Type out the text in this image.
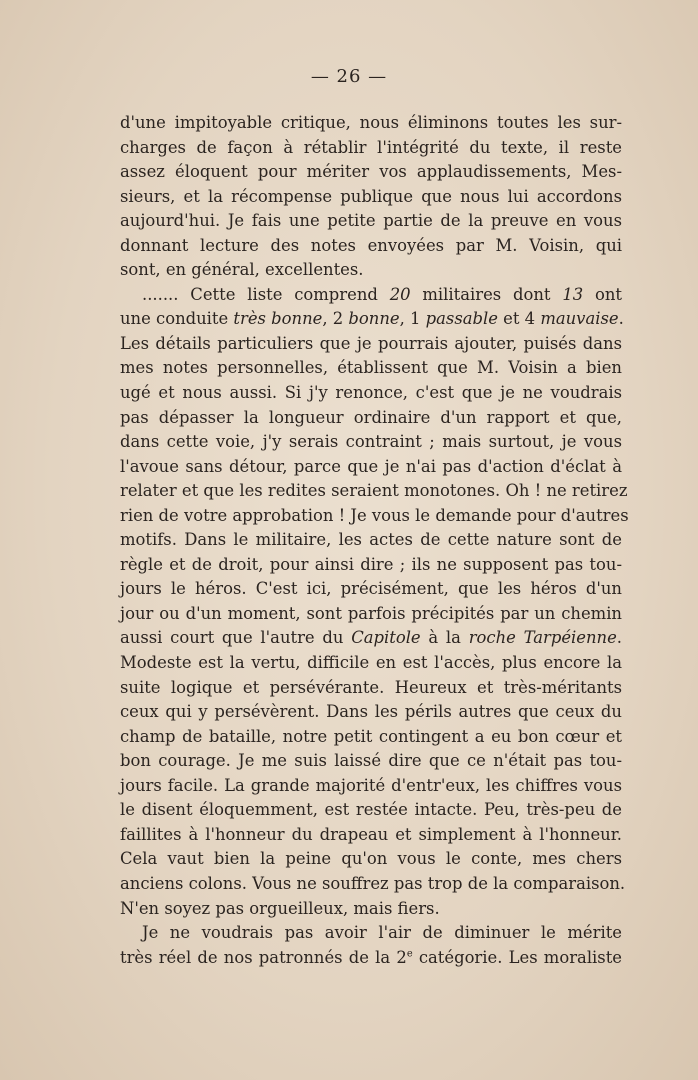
— 26 —
d'une impitoyable critique, nous éliminons toutes les sur-
charges de façon à rétablir l'intégrité du texte, il reste
assez éloquent pour mériter vos applaudissements, Mes-
sieurs, et la récompense publique que nous lui accordons
aujourd'hui. Je fais une petite partie de la preuve en vous
donnant lecture des notes envoyées par M. Voisin, qui
sont, en général, excellentes.
....... Cette liste comprend 20 militaires dont 13 ont
une conduite très bonne, 2 bonne, 1 passable et 4 mauvaise.
Les détails particuliers que je pourrais ajouter, puisés dans
mes notes personnelles, établissent que M. Voisin a bien
ugé et nous aussi. Si j'y renonce, c'est que je ne voudrais
pas dépasser la longueur ordinaire d'un rapport et que,
dans cette voie, j'y serais contraint ; mais surtout, je vous
l'avoue sans détour, parce que je n'ai pas d'action d'éclat à
relater et que les redites seraient monotones. Oh ! ne retirez
rien de votre approbation ! Je vous le demande pour d'autres
motifs. Dans le militaire, les actes de cette nature sont de
règle et de droit, pour ainsi dire ; ils ne supposent pas tou-
jours le héros. C'est ici, précisément, que les héros d'un
jour ou d'un moment, sont parfois précipités par un chemin
aussi court que l'autre du Capitole à la roche Tarpéienne.
Modeste est la vertu, difficile en est l'accès, plus encore la
suite logique et persévérante. Heureux et très-méritants
ceux qui y persévèrent. Dans les périls autres que ceux du
champ de bataille, notre petit contingent a eu bon cœur et
bon courage. Je me suis laissé dire que ce n'était pas tou-
jours facile. La grande majorité d'entr'eux, les chiffres vous
le disent éloquemment, est restée intacte. Peu, très-peu de
faillites à l'honneur du drapeau et simplement à l'honneur.
Cela vaut bien la peine qu'on vous le conte, mes chers
anciens colons. Vous ne souffrez pas trop de la comparaison.
N'en soyez pas orgueilleux, mais fiers.
Je ne voudrais pas avoir l'air de diminuer le mérite
très réel de nos patronnés de la 2e catégorie. Les moraliste
